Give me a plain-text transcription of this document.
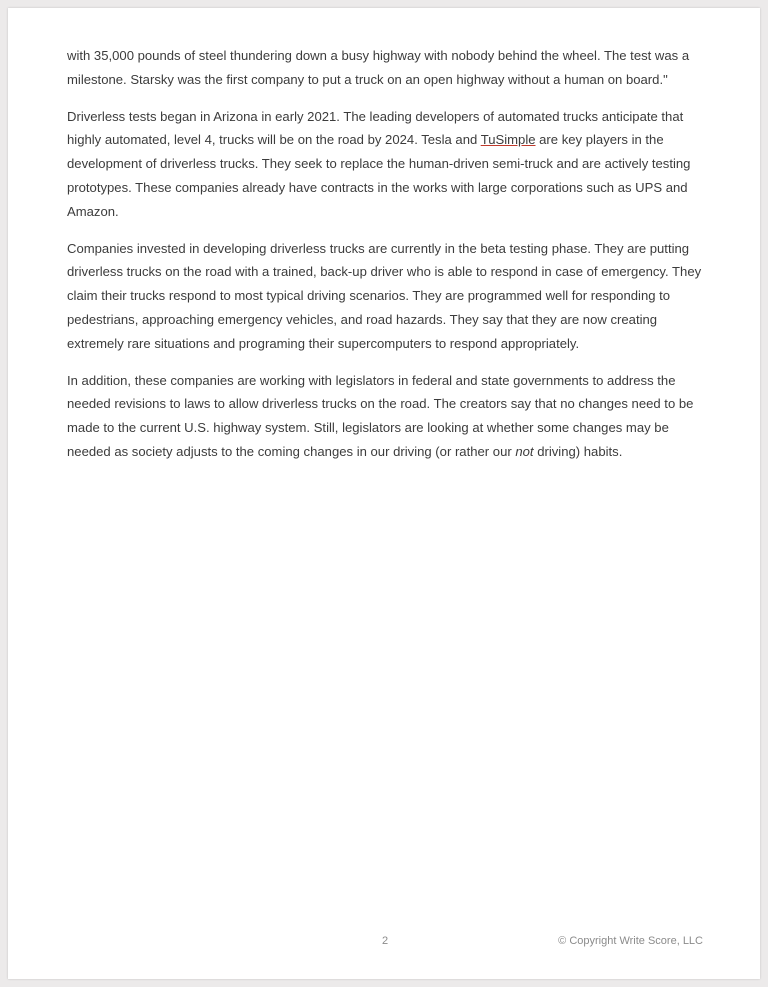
with 35,000 pounds of steel thundering down a busy highway with nobody behind the wheel. The test was a milestone. Starsky was the first company to put a truck on an open highway without a human on board."

Driverless tests began in Arizona in early 2021. The leading developers of automated trucks anticipate that highly automated, level 4, trucks will be on the road by 2024. Tesla and TuSimple are key players in the development of driverless trucks. They seek to replace the human-driven semi-truck and are actively testing prototypes. These companies already have contracts in the works with large corporations such as UPS and Amazon.

Companies invested in developing driverless trucks are currently in the beta testing phase. They are putting driverless trucks on the road with a trained, back-up driver who is able to respond in case of emergency. They claim their trucks respond to most typical driving scenarios. They are programmed well for responding to pedestrians, approaching emergency vehicles, and road hazards. They say that they are now creating extremely rare situations and programing their supercomputers to respond appropriately.

In addition, these companies are working with legislators in federal and state governments to address the needed revisions to laws to allow driverless trucks on the road. The creators say that no changes need to be made to the current U.S. highway system. Still, legislators are looking at whether some changes may be needed as society adjusts to the coming changes in our driving (or rather our not driving) habits.

2	© Copyright Write Score, LLC
